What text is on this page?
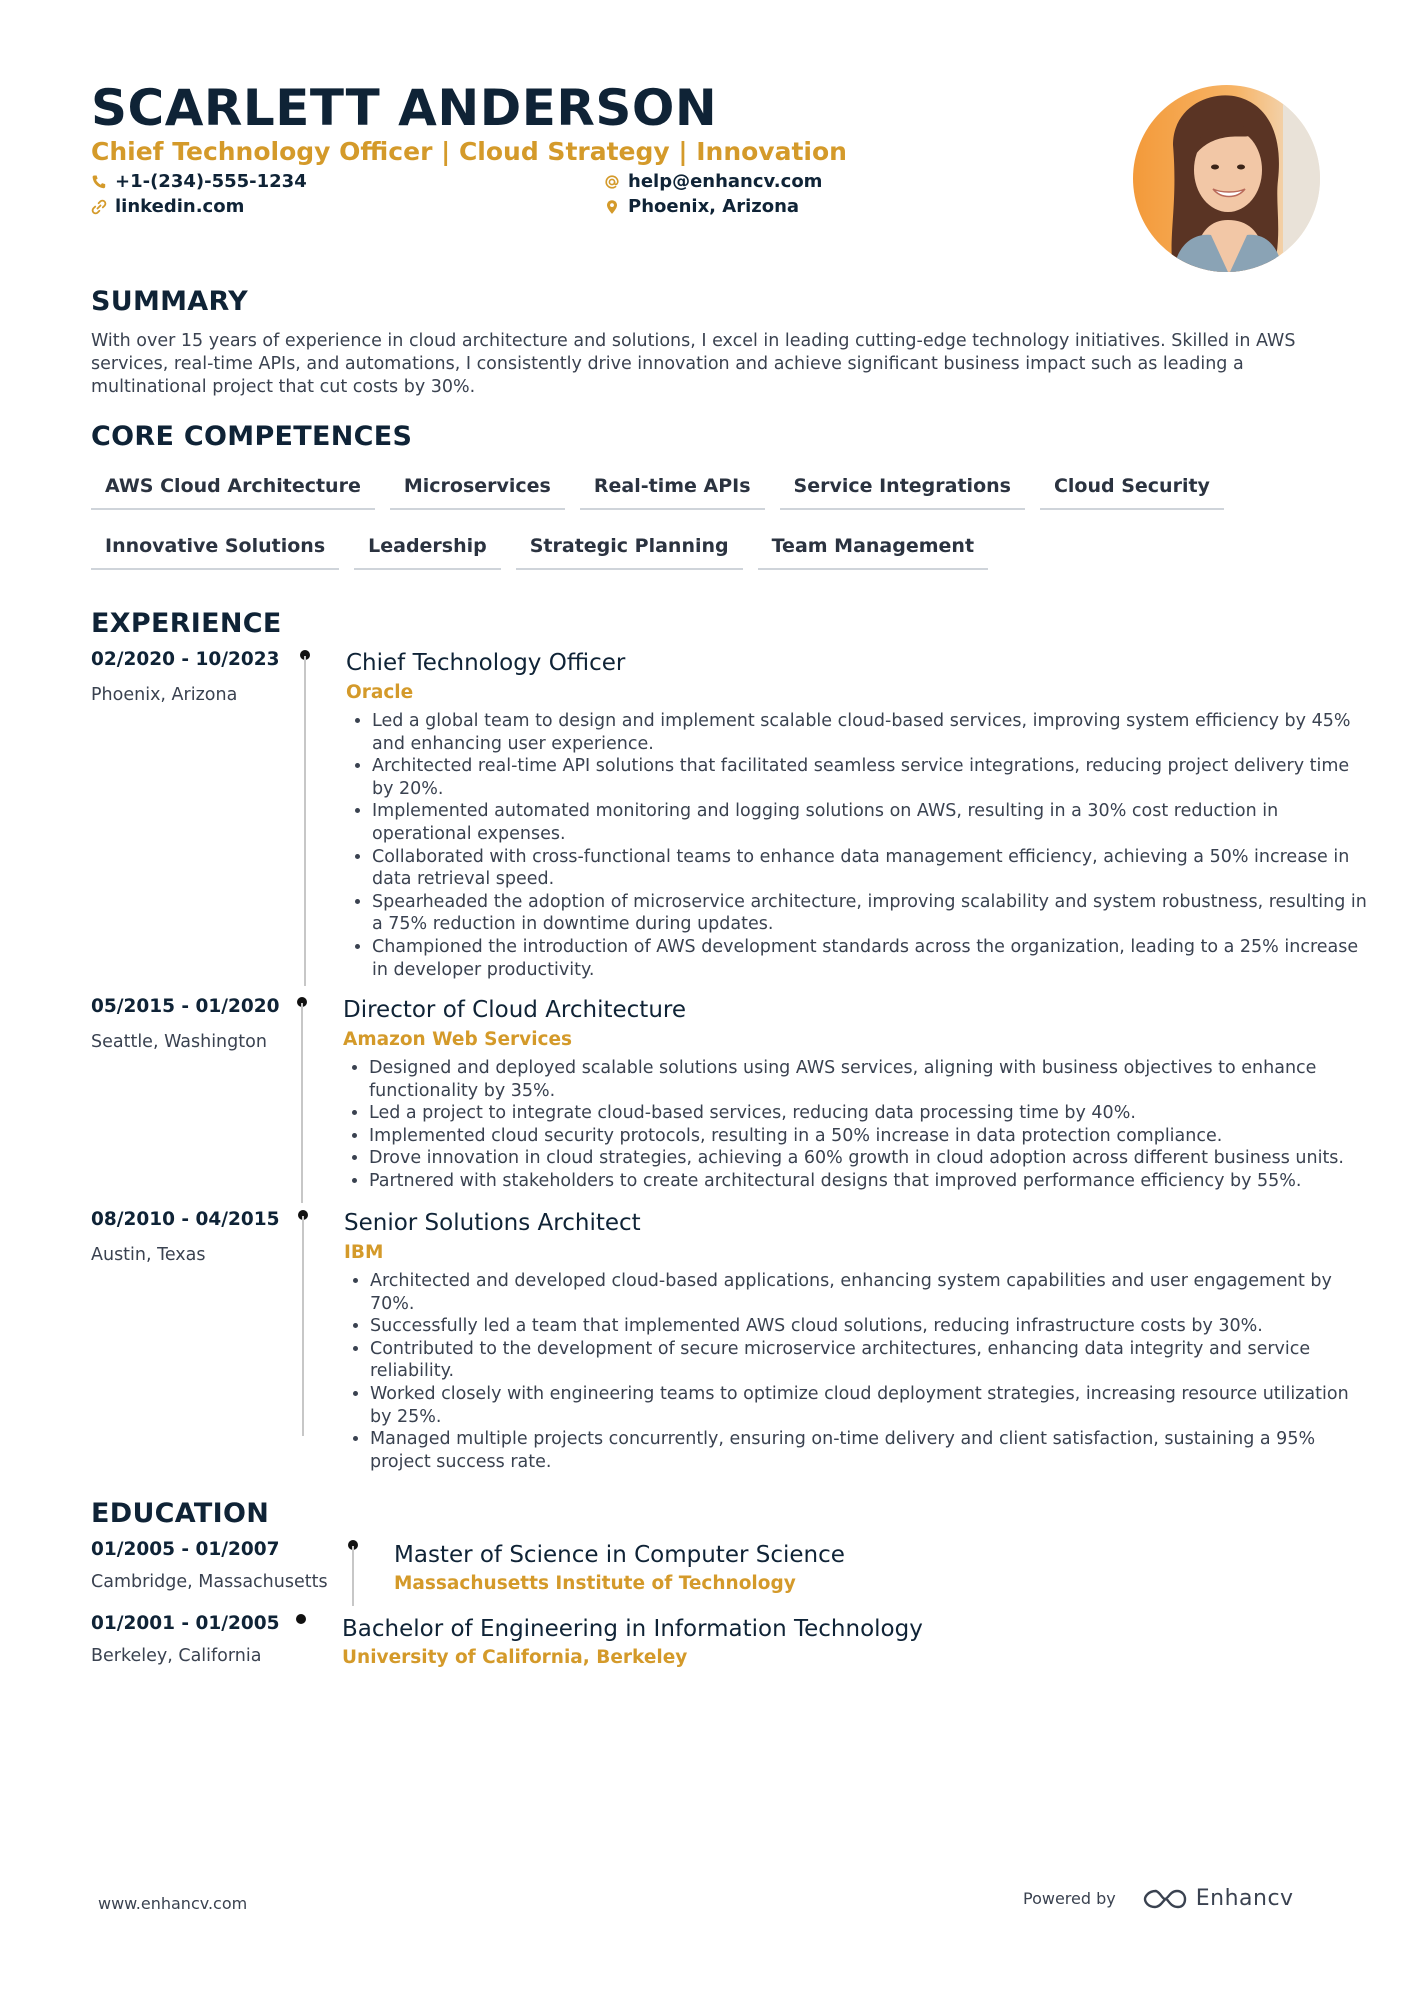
SCARLETT ANDERSON
Chief Technology Officer | Cloud Strategy | Innovation
+1-(234)-555-1234
linkedin.com
help@enhancv.com
Phoenix, Arizona
SUMMARY

With over 15 years of experience in cloud architecture and solutions, I excel in leading cutting-edge technology initiatives. Skilled in AWS services, real-time APIs, and automations, I consistently drive innovation and achieve significant business impact such as leading a multinational project that cut costs by 30%.

CORE COMPETENCES
AWS Cloud Architecture	Microservices	Real-time APIs	Service Integrations	Cloud Security
Innovative Solutions	Leadership	Strategic Planning	Team Management
EXPERIENCE
02/2020 - 10/2023
Phoenix, Arizona
Chief Technology Officer
Oracle
• Led a global team to design and implement scalable cloud-based services, improving system efficiency by 45% and enhancing user experience.
• Architected real-time API solutions that facilitated seamless service integrations, reducing project delivery time by 20%.
• Implemented automated monitoring and logging solutions on AWS, resulting in a 30% cost reduction in operational expenses.
• Collaborated with cross-functional teams to enhance data management efficiency, achieving a 50% increase in data retrieval speed.
• Spearheaded the adoption of microservice architecture, improving scalability and system robustness, resulting in a 75% reduction in downtime during updates.
• Championed the introduction of AWS development standards across the organization, leading to a 25% increase in developer productivity.
05/2015 - 01/2020
Seattle, Washington
Director of Cloud Architecture
Amazon Web Services
• Designed and deployed scalable solutions using AWS services, aligning with business objectives to enhance functionality by 35%.
• Led a project to integrate cloud-based services, reducing data processing time by 40%.
• Implemented cloud security protocols, resulting in a 50% increase in data protection compliance.
• Drove innovation in cloud strategies, achieving a 60% growth in cloud adoption across different business units.
• Partnered with stakeholders to create architectural designs that improved performance efficiency by 55%.
08/2010 - 04/2015
Austin, Texas
Senior Solutions Architect
IBM
• Architected and developed cloud-based applications, enhancing system capabilities and user engagement by 70%.
• Successfully led a team that implemented AWS cloud solutions, reducing infrastructure costs by 30%.
• Contributed to the development of secure microservice architectures, enhancing data integrity and service reliability.
• Worked closely with engineering teams to optimize cloud deployment strategies, increasing resource utilization by 25%.
• Managed multiple projects concurrently, ensuring on-time delivery and client satisfaction, sustaining a 95% project success rate.
EDUCATION
01/2005 - 01/2007
Cambridge, Massachusetts
Master of Science in Computer Science
Massachusetts Institute of Technology
01/2001 - 01/2005
Berkeley, California
Bachelor of Engineering in Information Technology
University of California, Berkeley
www.enhancv.com	Powered by	Enhancv
